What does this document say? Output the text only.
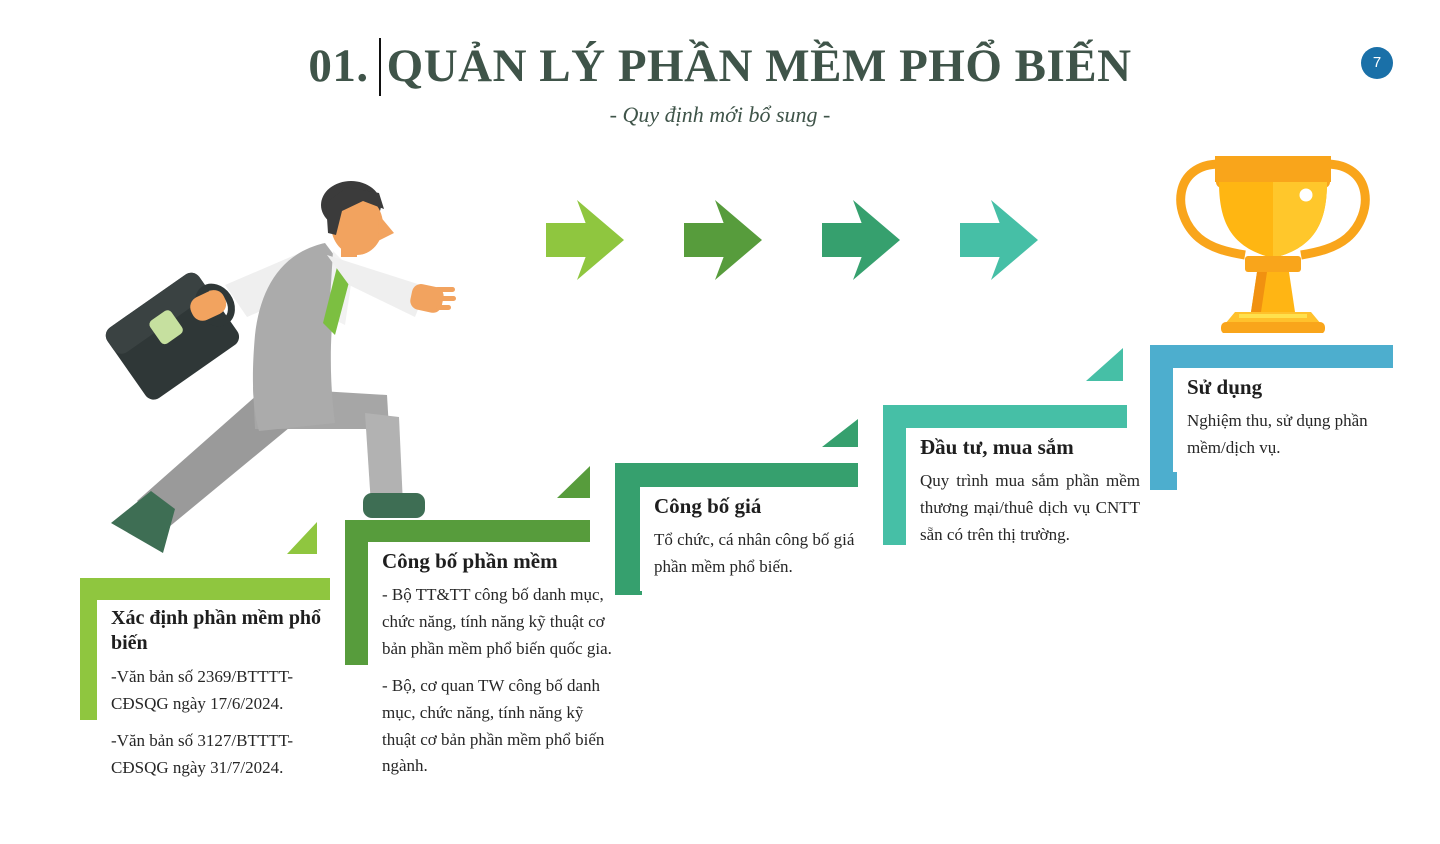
01. QUẢN LÝ PHẦN MỀM PHỔ BIẾN
- Quy định mới bổ sung -
7
Xác định phần mềm phổ biến

-Văn bản số 2369/BTTTT-CĐSQG ngày 17/6/2024.

-Văn bản số 3127/BTTTT-CĐSQG ngày 31/7/2024.

Công bố phần mềm

- Bộ TT&TT công bố danh mục, chức năng, tính năng kỹ thuật cơ bản phần mềm phổ biến quốc gia.

- Bộ, cơ quan TW công bố danh mục, chức năng, tính năng kỹ thuật cơ bản phần mềm phổ biến ngành.

Công bố giá

Tổ chức, cá nhân công bố giá phần mềm phổ biến.

Đầu tư, mua sắm

Quy trình mua sắm phần mềm thương mại/thuê dịch vụ CNTT sẵn có trên thị trường.

Sử dụng

Nghiệm thu, sử dụng phần mềm/dịch vụ.
